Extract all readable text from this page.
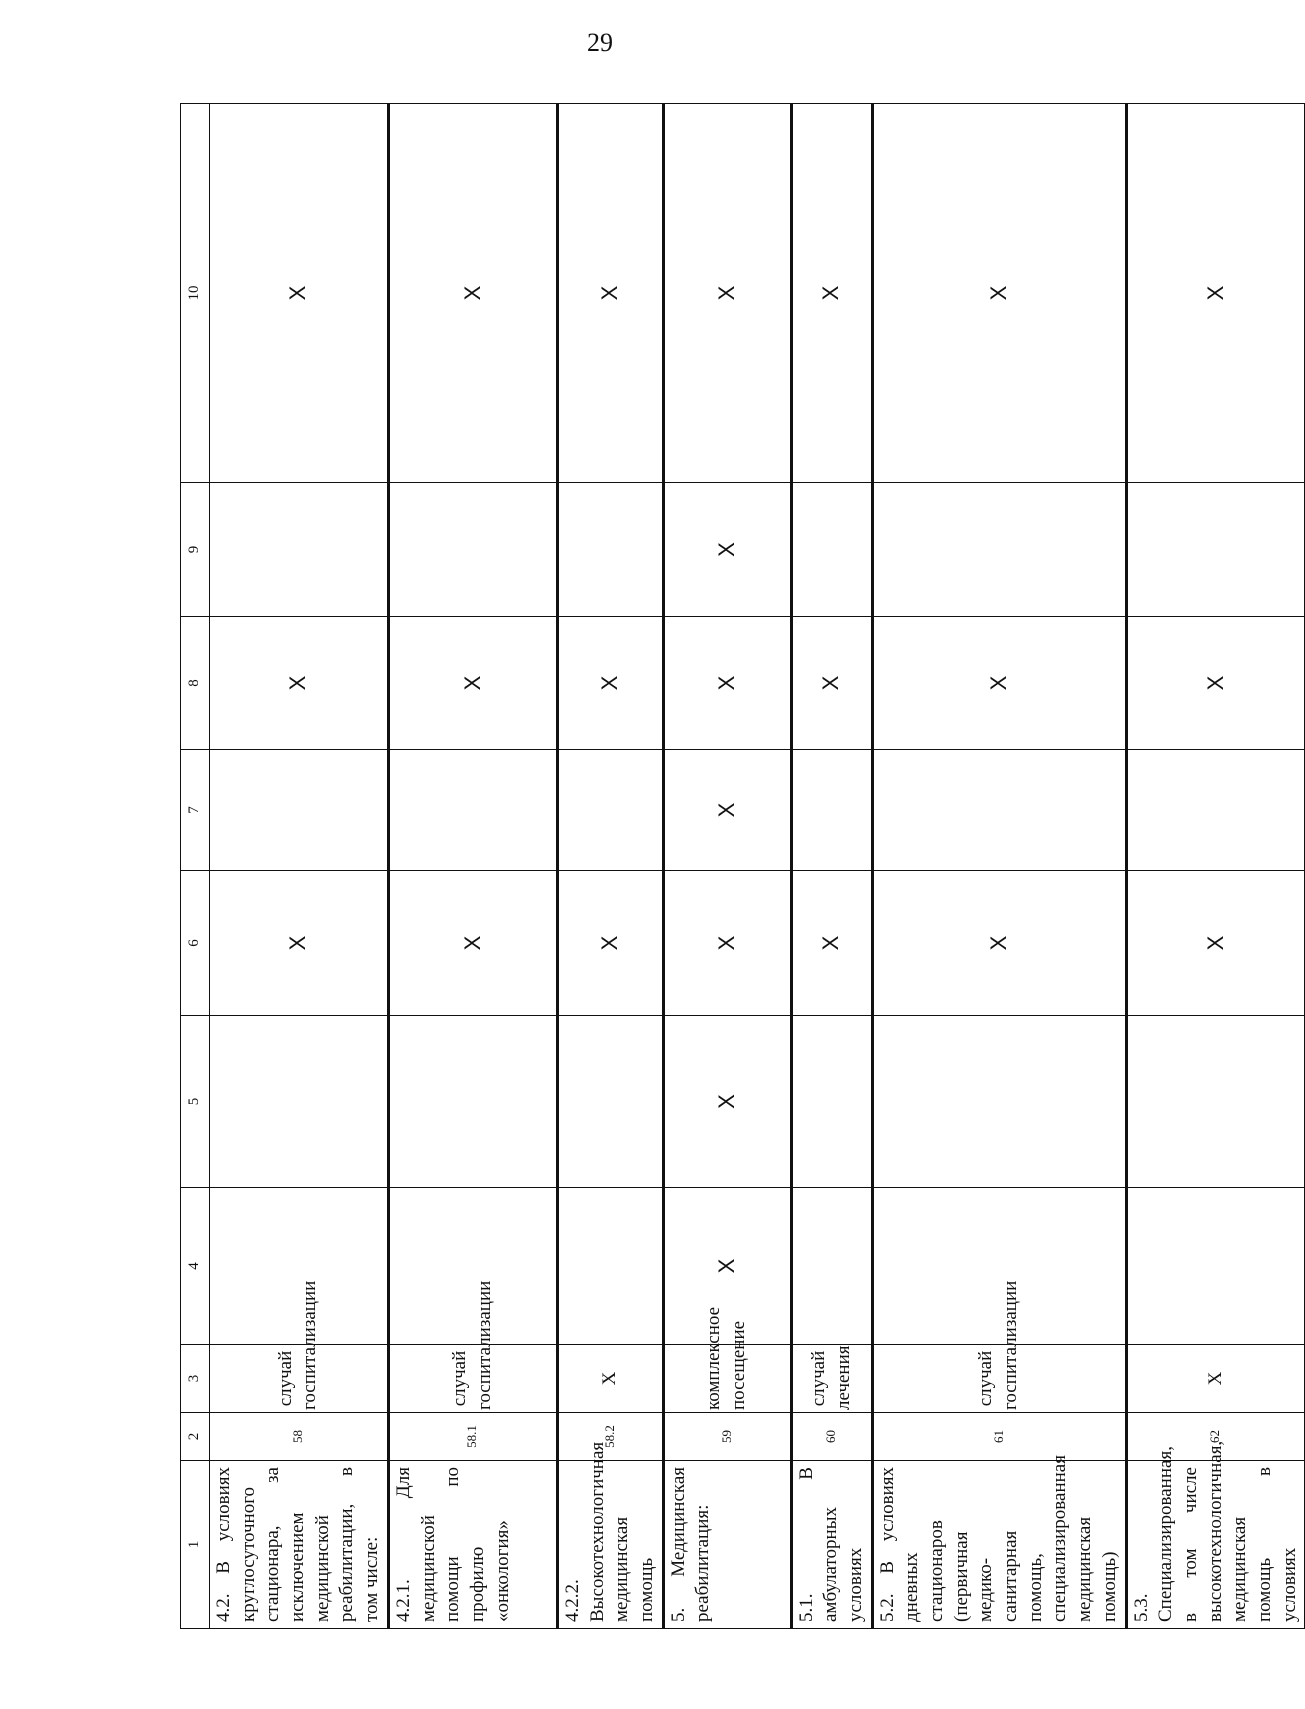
29
1	2	3	4	5	6	7	8	9	10
4.2. В условиях круглосуточного стационара, за исключением медицинской реабилитации, в том числе:	58	случай госпитализации			X		X		X
4.2.1. Для медицинской помощи по профилю «онкология»	58.1	случай госпитализации			X		X		X
4.2.2. Высокотехнологичная медицинская помощь	58.2	X			X		X		X
5. Медицинская реабилитация:	59	комплексное посещение	X	X	X	X	X	X	X
5.1. В амбулаторных условиях	60	случай лечения			X		X		X
5.2. В условиях дневных стационаров (первичная медико-санитарная помощь, специализированная медицинская помощь)	61	случай госпитализации			X		X		X
5.3. Специализированная, в том числе высокотехнологичная, медицинская помощь в условиях	62	X			X		X		X
